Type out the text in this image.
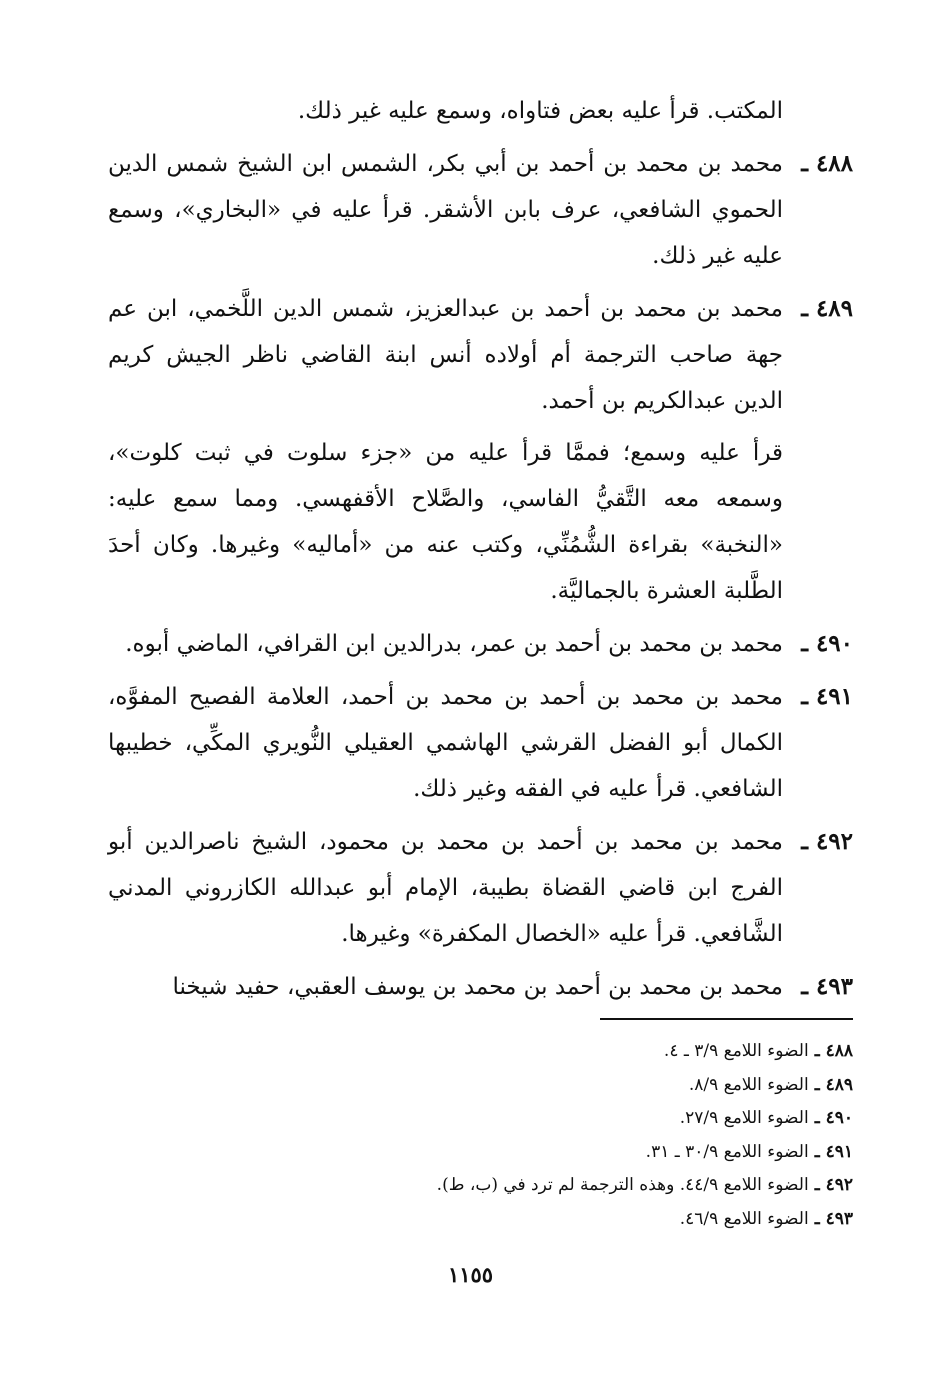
المكتب. قرأ عليه بعض فتاواه، وسمع عليه غير ذلك.
٤٨٨ ـ
محمد بن محمد بن أحمد بن أبي بكر، الشمس ابن الشيخ شمس الدين الحموي الشافعي، عرف بابن الأشقر. قرأ عليه في «البخاري»، وسمع عليه غير ذلك.
٤٨٩ ـ
محمد بن محمد بن أحمد بن عبدالعزيز، شمس الدين اللَّخمي، ابن عم جهة صاحب الترجمة أم أولاده أنس ابنة القاضي ناظر الجيش كريم الدين عبدالكريم بن أحمد.
قرأ عليه وسمع؛ فممَّا قرأ عليه من «جزء سلوت في ثبت كلوت»، وسمعه معه التَّقيُّ الفاسي، والصَّلاح الأقفهسي. ومما سمع عليه: «النخبة» بقراءة الشُّمُنِّي، وكتب عنه من «أماليه» وغيرها. وكان أحدَ الطَّلبة العشرة بالجماليَّة.
٤٩٠ ـ
محمد بن محمد بن أحمد بن عمر، بدرالدين ابن القرافي، الماضي أبوه.
٤٩١ ـ
محمد بن محمد بن أحمد بن محمد بن أحمد، العلامة الفصيح المفوَّه، الكمال أبو الفضل القرشي الهاشمي العقيلي النُّويري المكِّي، خطيبها الشافعي. قرأ عليه في الفقه وغير ذلك.
٤٩٢ ـ
محمد بن محمد بن أحمد بن محمد بن محمود، الشيخ ناصرالدين أبو الفرج ابن قاضي القضاة بطيبة، الإمام أبو عبدالله الكازروني المدني الشَّافعي. قرأ عليه «الخصال المكفرة» وغيرها.
٤٩٣ ـ
محمد بن محمد بن أحمد بن محمد بن يوسف العقبي، حفيد شيخنا
٤٨٨ ـ
الضوء اللامع ٣/٩ ـ ٤.
٤٨٩ ـ
الضوء اللامع ٨/٩.
٤٩٠ ـ
الضوء اللامع ٢٧/٩.
٤٩١ ـ
الضوء اللامع ٣٠/٩ ـ ٣١.
٤٩٢ ـ
الضوء اللامع ٤٤/٩. وهذه الترجمة لم ترد في (ب، ط).
٤٩٣ ـ
الضوء اللامع ٤٦/٩.
١١٥٥
